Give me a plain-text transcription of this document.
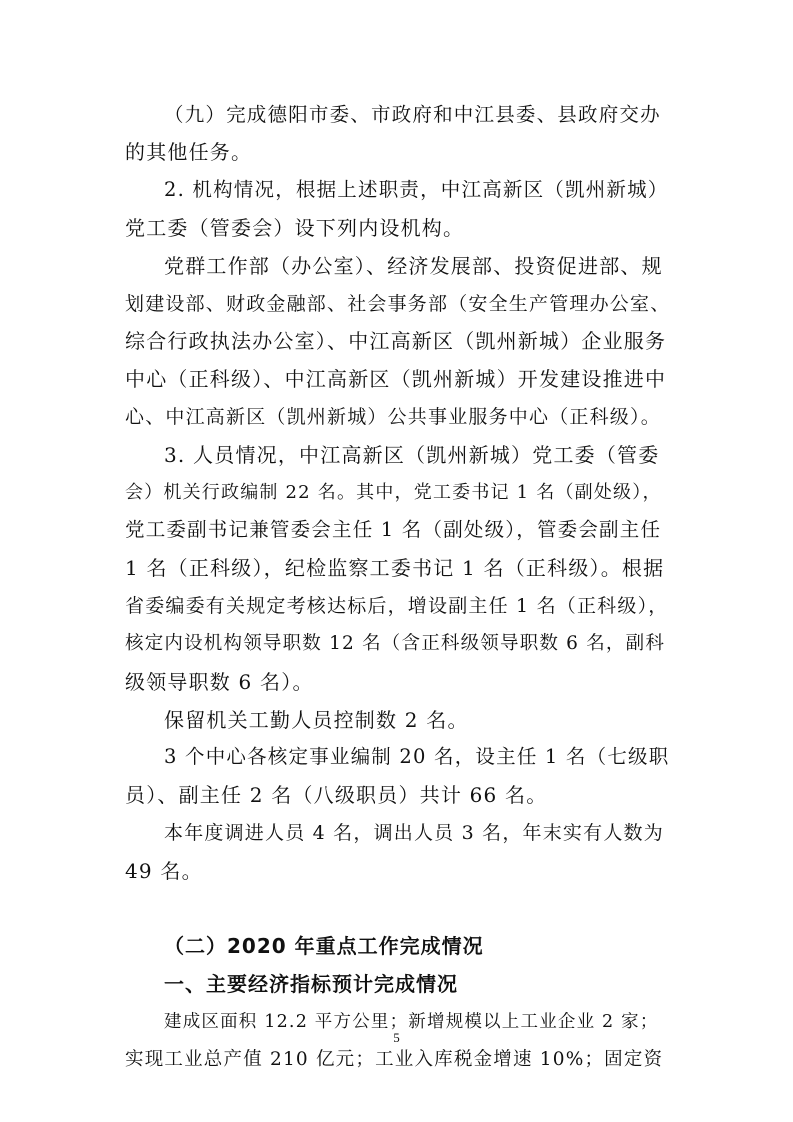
（九）完成德阳市委、市政府和中江县委、县政府交办
的其他任务。
2. 机构情况，根据上述职责，中江高新区（凯州新城）
党工委（管委会）设下列内设机构。
党群工作部（办公室）、经济发展部、投资促进部、规
划建设部、财政金融部、社会事务部（安全生产管理办公室、
综合行政执法办公室）、中江高新区（凯州新城）企业服务
中心（正科级）、中江高新区（凯州新城）开发建设推进中
心、中江高新区（凯州新城）公共事业服务中心（正科级）。
3. 人员情况，中江高新区（凯州新城）党工委（管委
会）机关行政编制 22 名。其中，党工委书记 1 名（副处级），
党工委副书记兼管委会主任 1 名（副处级），管委会副主任
1 名（正科级），纪检监察工委书记 1 名（正科级）。根据
省委编委有关规定考核达标后，增设副主任 1 名（正科级），
核定内设机构领导职数 12 名（含正科级领导职数 6 名，副科
级领导职数 6 名）。
保留机关工勤人员控制数 2 名。
3 个中心各核定事业编制 20 名，设主任 1 名（七级职
员）、副主任 2 名（八级职员）共计 66 名。
本年度调进人员 4 名，调出人员 3 名，年末实有人数为
49 名。
（二）2020 年重点工作完成情况
一、主要经济指标预计完成情况
建成区面积 12.2 平方公里；新增规模以上工业企业 2 家；
实现工业总产值 210 亿元；工业入库税金增速 10%；固定资
5
